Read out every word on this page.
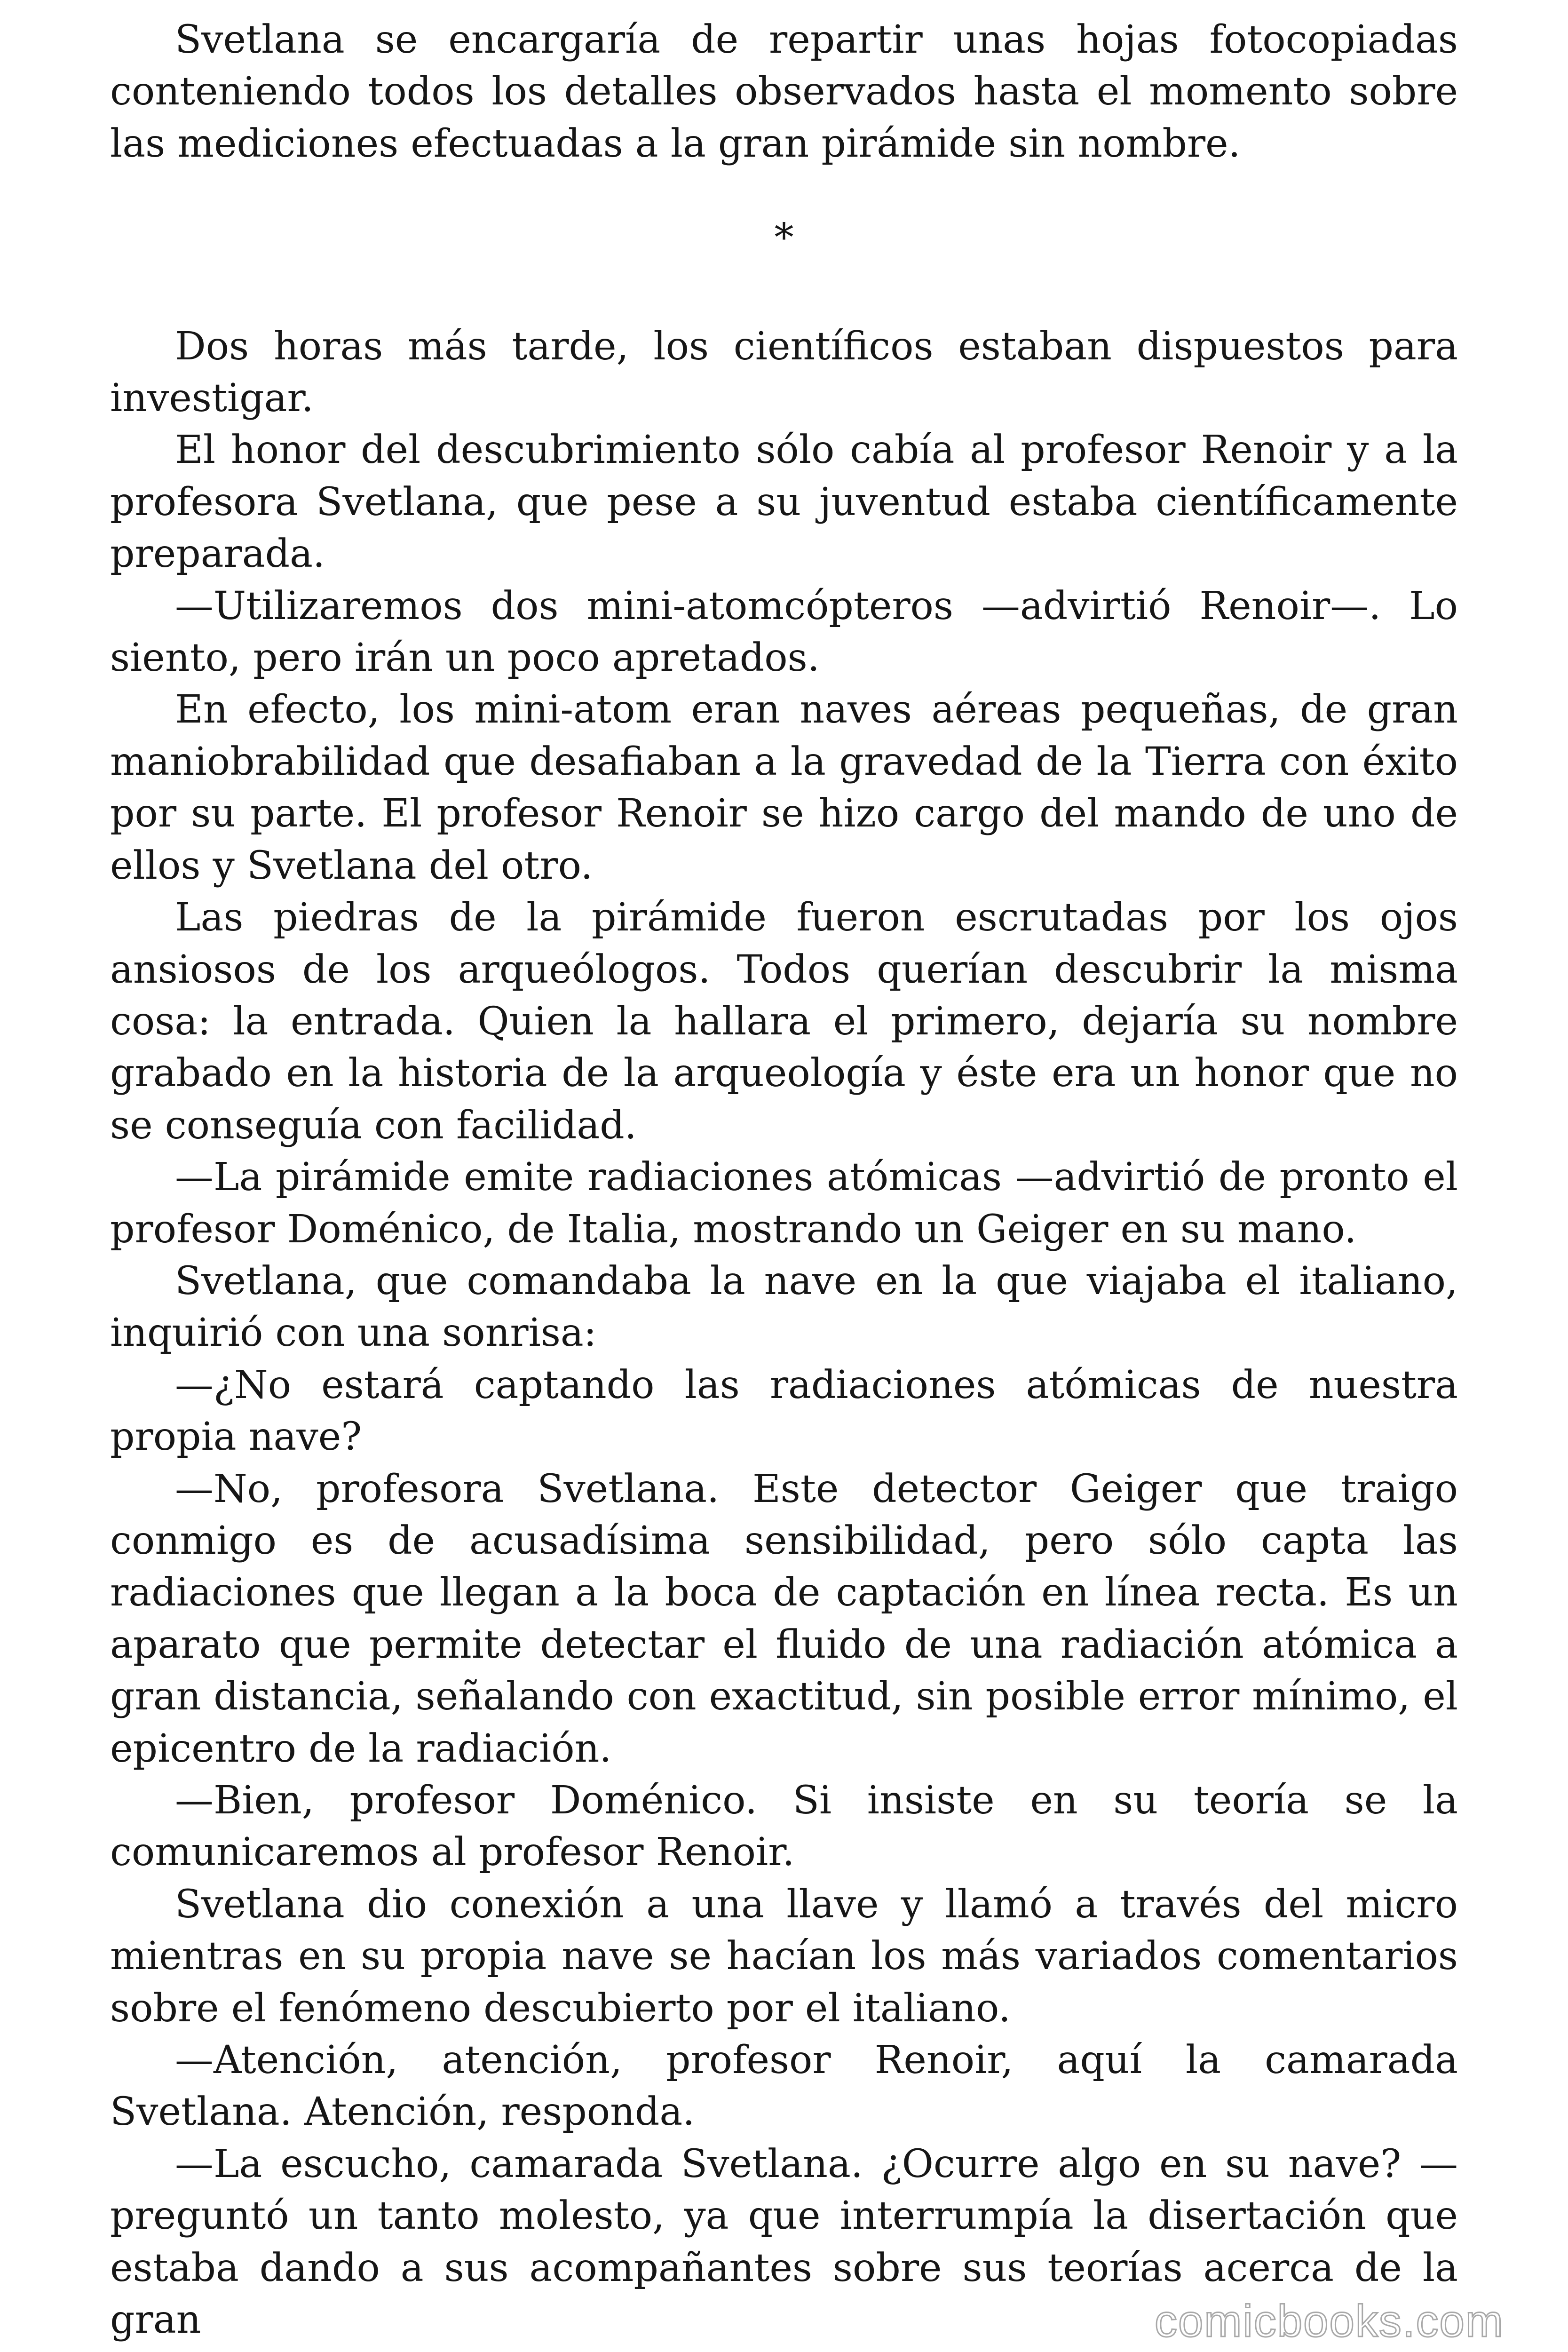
Svetlana se encargaría de repartir unas hojas fotocopiadas conteniendo todos los detalles observados hasta el momento sobre las mediciones efectuadas a la gran pirámide sin nombre.

*

Dos horas más tarde, los científicos estaban dispuestos para investigar.

El honor del descubrimiento sólo cabía al profesor Renoir y a la profesora Svetlana, que pese a su juventud estaba científicamente preparada.

—Utilizaremos dos mini-atomcópteros —advirtió Renoir—. Lo siento, pero irán un poco apretados.

En efecto, los mini-atom eran naves aéreas pequeñas, de gran maniobrabilidad que desafiaban a la gravedad de la Tierra con éxito por su parte. El profesor Renoir se hizo cargo del mando de uno de ellos y Svetlana del otro.

Las piedras de la pirámide fueron escrutadas por los ojos ansiosos de los arqueólogos. Todos querían descubrir la misma cosa: la entrada. Quien la hallara el primero, dejaría su nombre grabado en la historia de la arqueología y éste era un honor que no se conseguía con facilidad.

—La pirámide emite radiaciones atómicas —advirtió de pronto el profesor Doménico, de Italia, mostrando un Geiger en su mano.

Svetlana, que comandaba la nave en la que viajaba el italiano, inquirió con una sonrisa:

—¿No estará captando las radiaciones atómicas de nuestra propia nave?

—No, profesora Svetlana. Este detector Geiger que traigo conmigo es de acusadísima sensibilidad, pero sólo capta las radiaciones que llegan a la boca de captación en línea recta. Es un aparato que permite detectar el fluido de una radiación atómica a gran distancia, señalando con exactitud, sin posible error mínimo, el epicentro de la radiación.

—Bien, profesor Doménico. Si insiste en su teoría se la comunicaremos al profesor Renoir.

Svetlana dio conexión a una llave y llamó a través del micro mientras en su propia nave se hacían los más variados comentarios sobre el fenómeno descubierto por el italiano.

—Atención, atención, profesor Renoir, aquí la camarada Svetlana. Atención, responda.

—La escucho, camarada Svetlana. ¿Ocurre algo en su nave? —preguntó un tanto molesto, ya que interrumpía la disertación que estaba dando a sus acompañantes sobre sus teorías acerca de la gran	comicbooks.com
